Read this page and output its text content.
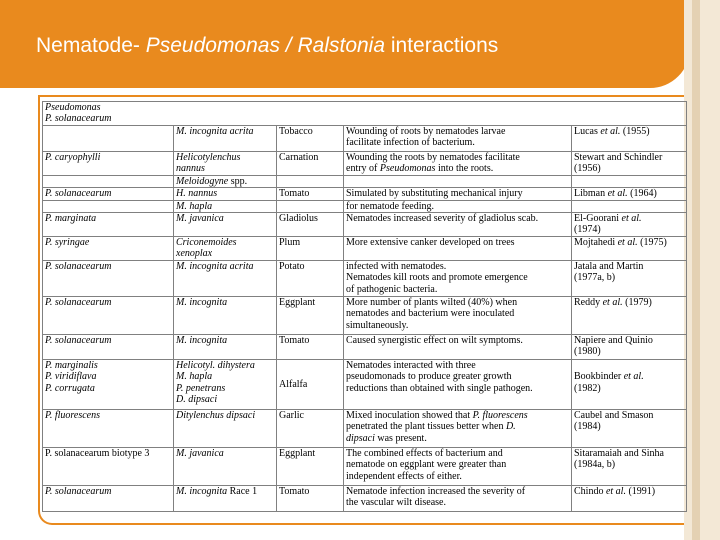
Nematode- Pseudomonas / Ralstonia interactions
Pseudomonas
P. solanacearum				

	M. incognita acrita	Tobacco	Wounding of roots by nematodes larvae
facilitate infection of bacterium.	Lucas et al. (1955)
P. caryophylli	Helicotylenchus
nannus	Carnation	Wounding the roots by nematodes facilitate
entry of Pseudomonas into the roots.	Stewart and Schindler
(1956)

	Meloidogyne spp.			
P. solanacearum	H. nannus	Tomato	Simulated by substituting mechanical injury	Libman et al. (1964)
	M. hapla		for nematode feeding.	
P. marginata	M. javanica	Gladiolus	Nematodes increased severity of gladiolus scab.	El-Goorani et al.
(1974)

P. syringae	Criconemoides
xenoplax	Plum	More extensive canker developed on trees	Mojtahedi et al. (1975)
P. solanacearum	M. incognita acrita	Potato	infected with nematodes.
Nematodes kill roots and promote emergence
of pathogenic bacteria.	Jatala and Martin
(1977a, b)

P. solanacearum	M. incognita	Eggplant	More number of plants wilted (40%) when
nematodes and bacterium were inoculated
simultaneously.	Reddy et al. (1979)
P. solanacearum	M. incognita	Tomato	Caused synergistic effect on wilt symptoms.	Napiere and Quinio
(1980)

P. marginalis
P. viridiflava
P. corrugata	Helicotyl. dihystera
M. hapla
P. penetrans
D. dipsaci	Alfalfa	Nematodes interacted with three
pseudomonads to produce greater growth
reductions than obtained with single pathogen.	Bookbinder et al.
(1982)

P. fluorescens	Ditylenchus dipsaci	Garlic	Mixed inoculation showed that P. fluorescens
penetrated the plant tissues better when D.
dipsaci was present.	Caubel and Smason
(1984)

P. solanacearum biotype 3	M. javanica	Eggplant	The combined effects of bacterium and
nematode on eggplant were greater than
independent effects of either.	Sitaramaiah and Sinha
(1984a, b)

P. solanacearum	M. incognita Race 1	Tomato	Nematode infection increased the severity of
the vascular wilt disease.	Chindo et al. (1991)
